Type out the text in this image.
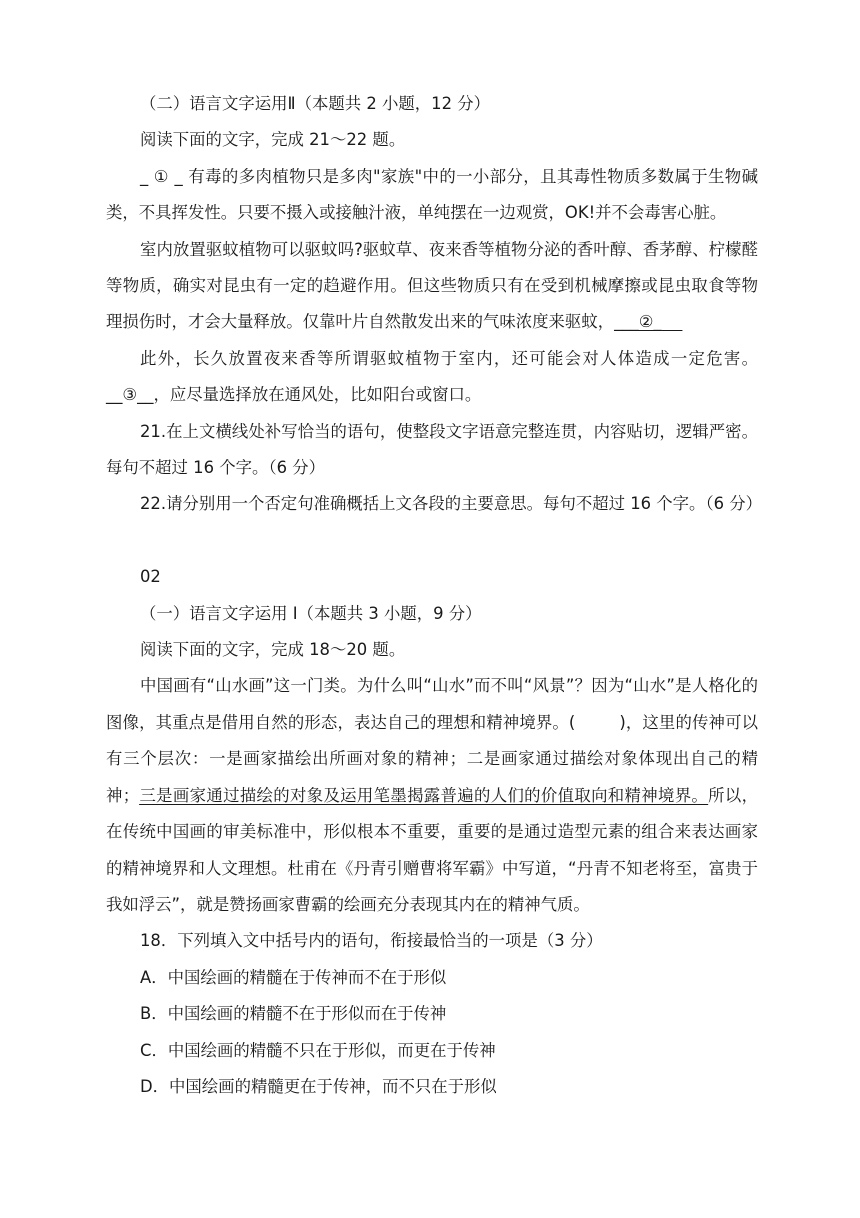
（二）语言文字运用Ⅱ（本题共 2 小题，12 分）

阅读下面的文字，完成 21～22 题。

_ ① _ 有毒的多肉植物只是多肉"家族"中的一小部分，且其毒性物质多数属于生物碱类，不具挥发性。只要不摄入或接触汁液，单纯摆在一边观赏，OK!并不会毒害心脏。

室内放置驱蚊植物可以驱蚊吗?驱蚊草、夜来香等植物分泌的香叶醇、香茅醇、柠檬醛等物质，确实对昆虫有一定的趋避作用。但这些物质只有在受到机械摩擦或昆虫取食等物理损伤时，才会大量释放。仅靠叶片自然散发出来的气味浓度来驱蚊，___②_

此外，长久放置夜来香等所谓驱蚊植物于室内，还可能会对人体造成一定危害。__③__，应尽量选择放在通风处，比如阳台或窗口。

21.在上文横线处补写恰当的语句，使整段文字语意完整连贯，内容贴切，逻辑严密。每句不超过 16 个字。（6 分）

22.请分别用一个否定句准确概括上文各段的主要意思。每句不超过 16 个字。（6 分）

02

（一）语言文字运用 I（本题共 3 小题，9 分）

阅读下面的文字，完成 18～20 题。

中国画有“山水画”这一门类。为什么叫“山水”而不叫“风景”？因为“山水”是人格化的图像，其重点是借用自然的形态，表达自己的理想和精神境界。(	)，这里的传神可以有三个层次：一是画家描绘出所画对象的精神；二是画家通过描绘对象体现出自己的精神；三是画家通过描绘的对象及运用笔墨揭露普遍的人们的价值取向和精神境界。所以，在传统中国画的审美标准中，形似根本不重要，重要的是通过造型元素的组合来表达画家的精神境界和人文理想。杜甫在《丹青引赠曹将军霸》中写道，“丹青不知老将至，富贵于我如浮云”，就是赞扬画家曹霸的绘画充分表现其内在的精神气质。

18．下列填入文中括号内的语句，衔接最恰当的一项是（3 分）

A．中国绘画的精髓在于传神而不在于形似

B．中国绘画的精髓不在于形似而在于传神

C．中国绘画的精髓不只在于形似，而更在于传神

D．中国绘画的精髓更在于传神，而不只在于形似
